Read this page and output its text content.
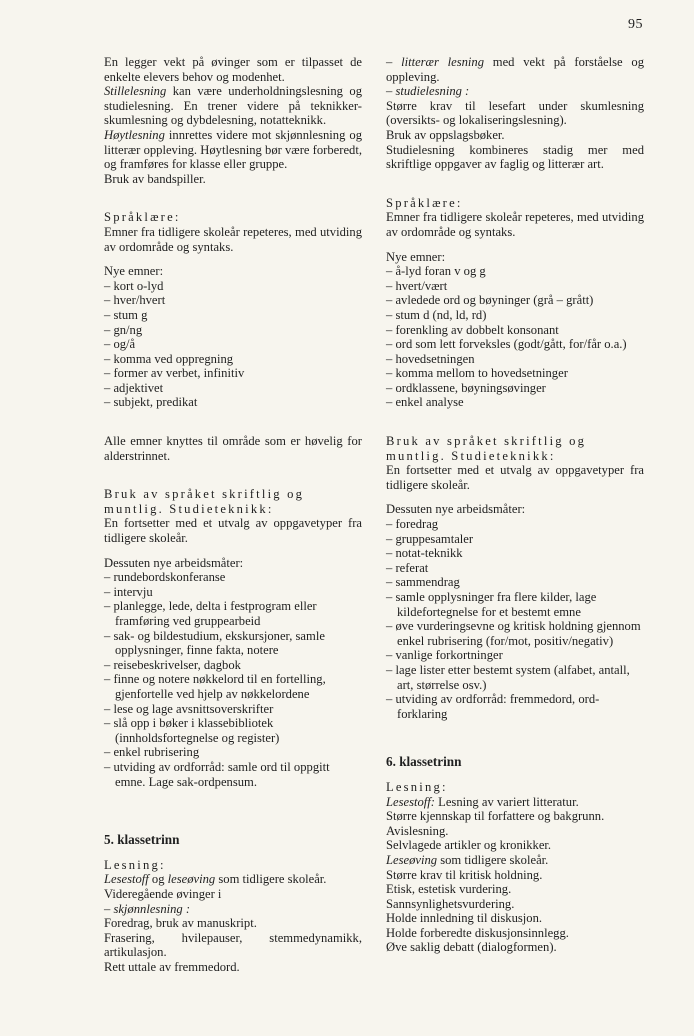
95

En legger vekt på øvinger som er tilpasset de enkelte elevers behov og modenhet.

Stillelesning kan være underholdningslesning og studielesning. En trener videre på teknikker-skumlesning og dybdelesning, notatteknikk.

Høytlesning innrettes videre mot skjønnlesning og litterær oppleving. Høytlesning bør være forberedt, og framføres for klasse eller gruppe.

Bruk av bandspiller.

Språklære:

Emner fra tidligere skoleår repeteres, med utviding av ordområde og syntaks.

Nye emner:

– kort o-lyd
– hver/hvert
– stum g
– gn/ng
– og/å
– komma ved oppregning
– former av verbet, infinitiv
– adjektivet
– subjekt, predikat

Alle emner knyttes til område som er høvelig for alderstrinnet.

Bruk av språket skriftlig og muntlig. Studieteknikk:

En fortsetter med et utvalg av oppgavetyper fra tidligere skoleår.

Dessuten nye arbeidsmåter:

– rundebordskonferanse
– intervju
– planlegge, lede, delta i festprogram eller framføring ved gruppearbeid
– sak- og bildestudium, ekskursjoner, samle opplysninger, finne fakta, notere
– reisebeskrivelser, dagbok
– finne og notere nøkkelord til en fortelling, gjenfortelle ved hjelp av nøkkelordene
– lese og lage avsnittsoverskrifter
– slå opp i bøker i klassebibliotek (innholdsfortegnelse og register)
– enkel rubrisering
– utviding av ordforråd: samle ord til oppgitt emne. Lage sak-ordpensum.

5. klassetrinn

Lesning:

Lesestoff og leseøving som tidligere skoleår.

Videregående øvinger i

– skjønnlesning :

Foredrag, bruk av manuskript.

Frasering, hvilepauser, stemmedynamikk, artikulasjon.

Rett uttale av fremmedord.

– litterær lesning med vekt på forståelse og oppleving.

– studielesning :

Større krav til lesefart under skumlesning (oversikts- og lokaliseringslesning).

Bruk av oppslagsbøker.

Studielesning kombineres stadig mer med skriftlige oppgaver av faglig og litterær art.

Språklære:

Emner fra tidligere skoleår repeteres, med utviding av ordområde og syntaks.

Nye emner:

– å-lyd foran v og g
– hvert/vært
– avledede ord og bøyninger (grå – grått)
– stum d (nd, ld, rd)
– forenkling av dobbelt konsonant
– ord som lett forveksles (godt/gått, for/får o.a.)
– hovedsetningen
– komma mellom to hovedsetninger
– ordklassene, bøyningsøvinger
– enkel analyse

Bruk av språket skriftlig og muntlig. Studieteknikk:

En fortsetter med et utvalg av oppgavetyper fra tidligere skoleår.

Dessuten nye arbeidsmåter:

– foredrag
– gruppesamtaler
– notat-teknikk
– referat
– sammendrag
– samle opplysninger fra flere kilder, lage kildefortegnelse for et bestemt emne
– øve vurderingsevne og kritisk holdning gjennom enkel rubrisering (for/mot, positiv/negativ)
– vanlige forkortninger
– lage lister etter bestemt system (alfabet, antall, art, størrelse osv.)
– utviding av ordforråd: fremmedord, ordforklaring

6. klassetrinn

Lesning:

Lesestoff: Lesning av variert litteratur.

Større kjennskap til forfattere og bakgrunn.

Avislesning.

Selvlagede artikler og kronikker.

Leseøving som tidligere skoleår.

Større krav til kritisk holdning.

Etisk, estetisk vurdering.

Sannsynlighetsvurdering.

Holde innledning til diskusjon.

Holde forberedte diskusjonsinnlegg.

Øve saklig debatt (dialogformen).
